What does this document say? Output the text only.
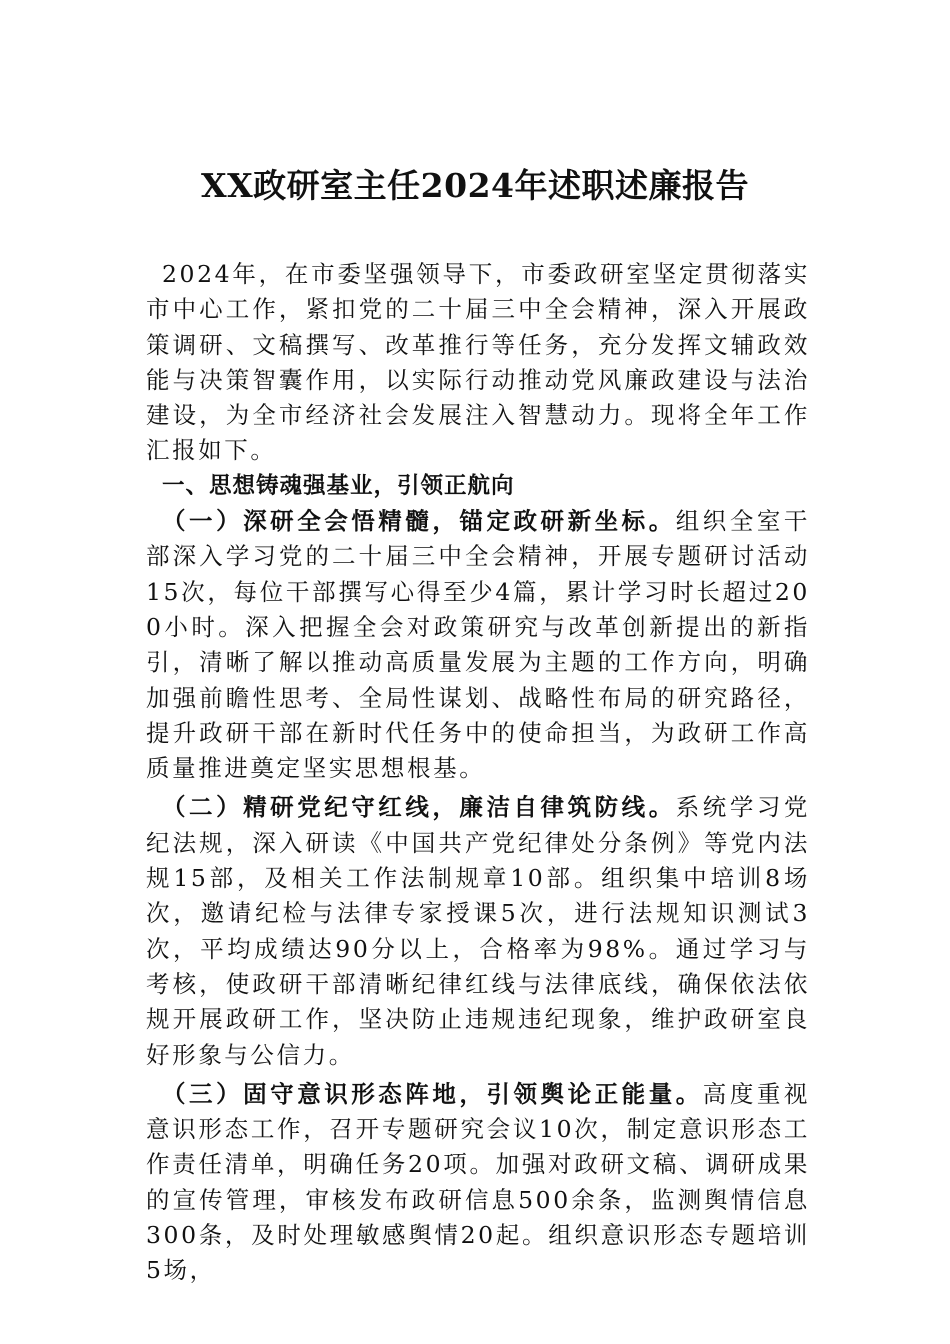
XX政研室主任2024年述职述廉报告

2024年，在市委坚强领导下，市委政研室坚定贯彻落实市中心工作，紧扣党的二十届三中全会精神，深入开展政策调研、文稿撰写、改革推行等任务，充分发挥文辅政效能与决策智囊作用，以实际行动推动党风廉政建设与法治建设，为全市经济社会发展注入智慧动力。现将全年工作汇报如下。

一、思想铸魂强基业，引领正航向

（一）深研全会悟精髓，锚定政研新坐标。组织全室干部深入学习党的二十届三中全会精神，开展专题研讨活动15次，每位干部撰写心得至少4篇，累计学习时长超过200小时。深入把握全会对政策研究与改革创新提出的新指引，清晰了解以推动高质量发展为主题的工作方向，明确加强前瞻性思考、全局性谋划、战略性布局的研究路径，提升政研干部在新时代任务中的使命担当，为政研工作高质量推进奠定坚实思想根基。

（二）精研党纪守红线，廉洁自律筑防线。系统学习党纪法规，深入研读《中国共产党纪律处分条例》等党内法规15部，及相关工作法制规章10部。组织集中培训8场次，邀请纪检与法律专家授课5次，进行法规知识测试3次，平均成绩达90分以上，合格率为98%。通过学习与考核，使政研干部清晰纪律红线与法律底线，确保依法依规开展政研工作，坚决防止违规违纪现象，维护政研室良好形象与公信力。

（三）固守意识形态阵地，引领舆论正能量。高度重视意识形态工作，召开专题研究会议10次，制定意识形态工作责任清单，明确任务20项。加强对政研文稿、调研成果的宣传管理，审核发布政研信息500余条，监测舆情信息300条，及时处理敏感舆情20起。组织意识形态专题培训5场，
